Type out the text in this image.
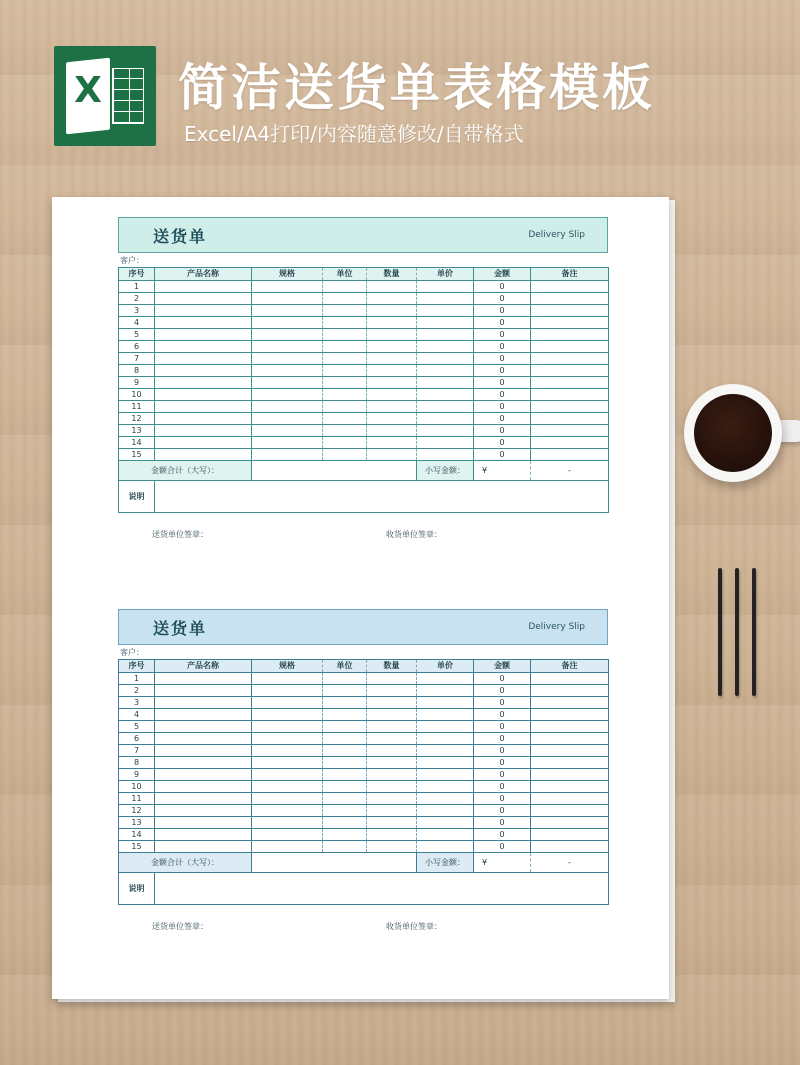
X 简洁送货单表格模板
Excel/A4打印/内容随意修改/自带格式
送货单	Delivery Slip
客户：
序号	产品名称	规格	单位	数量	单价	金额	备注
1						0	
2						0	
3						0	
4						0	
5						0	
6						0	
7						0	
8						0	
9						0	
10						0	
11						0	
12						0	
13						0	
14						0	
15						0	
金额合计（大写）：					小写金额：	¥	-
说明							
送货单位签章：	收货单位签章：
送货单	Delivery Slip
客户：
序号	产品名称	规格	单位	数量	单价	金额	备注
1						0	
2						0	
3						0	
4						0	
5						0	
6						0	
7						0	
8						0	
9						0	
10						0	
11						0	
12						0	
13						0	
14						0	
15						0	
金额合计（大写）：					小写金额：	¥	-
说明							
送货单位签章：	收货单位签章：
